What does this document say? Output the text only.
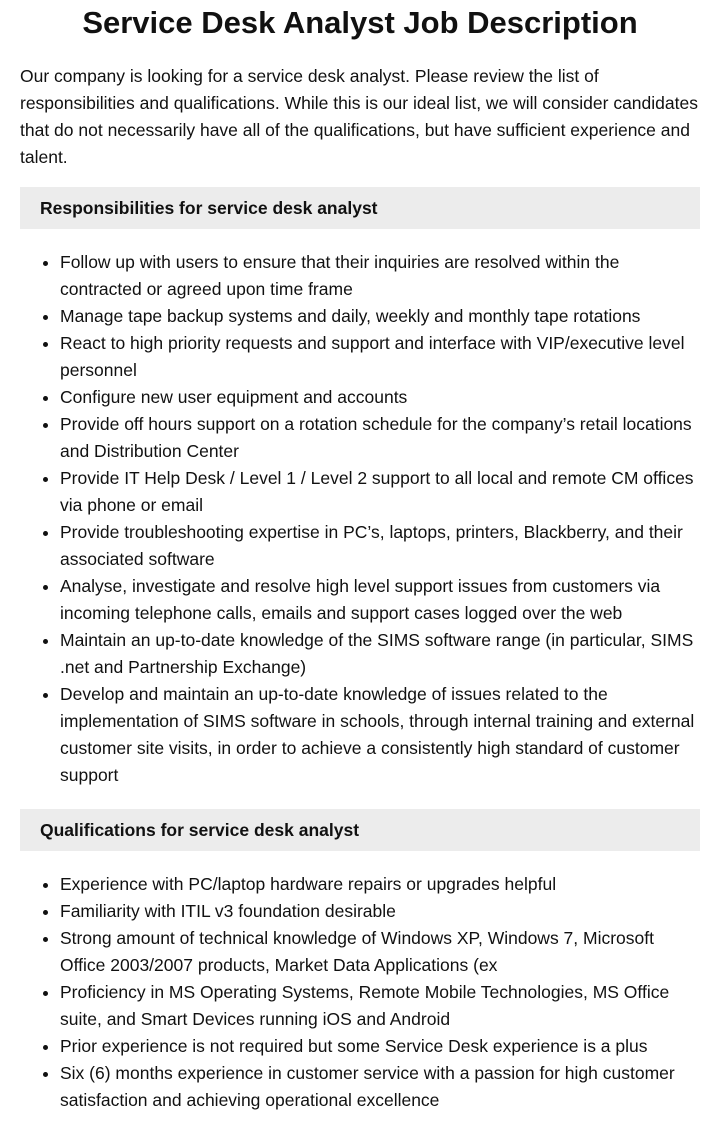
Service Desk Analyst Job Description

Our company is looking for a service desk analyst. Please review the list of responsibilities and qualifications. While this is our ideal list, we will consider candidates that do not necessarily have all of the qualifications, but have sufficient experience and talent.

Responsibilities for service desk analyst
• Follow up with users to ensure that their inquiries are resolved within the contracted or agreed upon time frame
• Manage tape backup systems and daily, weekly and monthly tape rotations
• React to high priority requests and support and interface with VIP/executive level personnel
• Configure new user equipment and accounts
• Provide off hours support on a rotation schedule for the company’s retail locations and Distribution Center
• Provide IT Help Desk / Level 1 / Level 2 support to all local and remote CM offices via phone or email
• Provide troubleshooting expertise in PC’s, laptops, printers, Blackberry, and their associated software
• Analyse, investigate and resolve high level support issues from customers via incoming telephone calls, emails and support cases logged over the web
• Maintain an up-to-date knowledge of the SIMS software range (in particular, SIMS .net and Partnership Exchange)
• Develop and maintain an up-to-date knowledge of issues related to the implementation of SIMS software in schools, through internal training and external customer site visits, in order to achieve a consistently high standard of customer support
Qualifications for service desk analyst
• Experience with PC/laptop hardware repairs or upgrades helpful
• Familiarity with ITIL v3 foundation desirable
• Strong amount of technical knowledge of Windows XP, Windows 7, Microsoft Office 2003/2007 products, Market Data Applications (ex
• Proficiency in MS Operating Systems, Remote Mobile Technologies, MS Office suite, and Smart Devices running iOS and Android
• Prior experience is not required but some Service Desk experience is a plus
• Six (6) months experience in customer service with a passion for high customer satisfaction and achieving operational excellence
